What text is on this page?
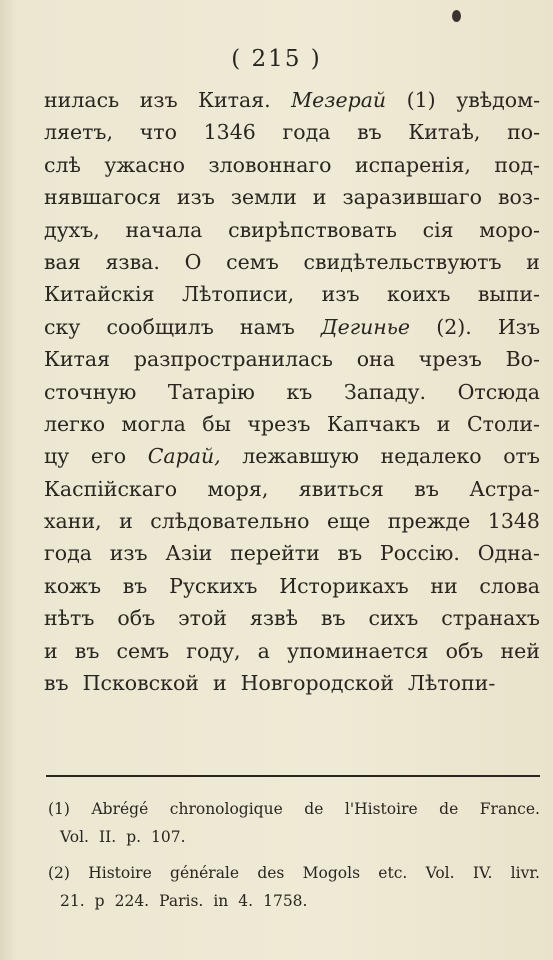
( 215 )
нилась изъ Китая. Мезерай (1) увѣдом-
ляетъ, что 1346 года въ Китаѣ, по-
слѣ ужасно зловоннаго испаренія, под-
нявшагося изъ земли и заразившаго воз-
духъ, начала свирѣпствовать сія моро-
вая язва. О семъ свидѣтельствуютъ и
Китайскія Лѣтописи, изъ коихъ выпи-
ску сообщилъ намъ Дегинье (2). Изъ
Китая разпространилась она чрезъ Во-
сточную Татарію къ Западу. Отсюда
легко могла бы чрезъ Капчакъ и Столи-
цу его Сарай, лежавшую недалеко отъ
Каспійскаго моря, явиться въ Астра-
хани, и слѣдовательно еще прежде 1348
года изъ Азіи перейти въ Россію. Одна-
кожъ въ Рускихъ Историкахъ ни слова
нѣтъ объ этой язвѣ въ сихъ странахъ
и въ семъ году, а упоминается объ ней
въ Псковской и Новгородской Лѣтопи-
(1) Abrégé chronologique de l'Histoire de France.
Vol. II. p. 107.
(2) Histoire générale des Mogols etc. Vol. IV. livr.
21. p 224. Paris. in 4. 1758.
